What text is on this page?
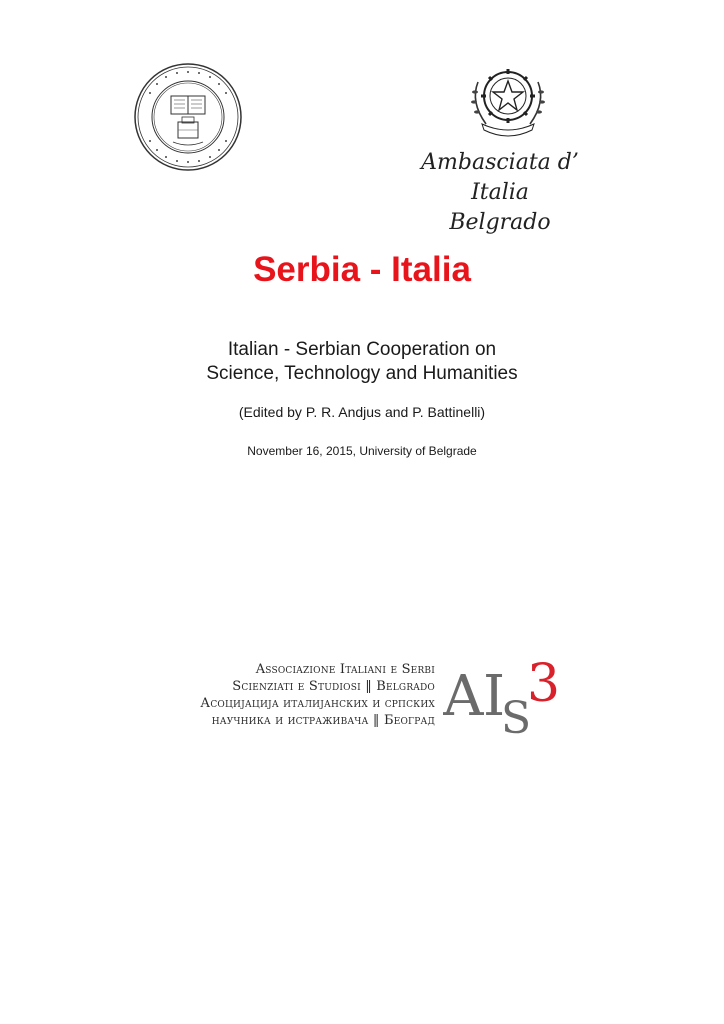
Ambasciata d’ Italia
Belgrado
Serbia - Italia
Italian - Serbian Cooperation on
Science, Technology and Humanities
(Edited by P. R. Andjus and P. Battinelli)
November 16, 2015, University of Belgrade
Associazione Italiani e Serbi
Scienziati e Studiosi ‖ Belgrado
Асоцијација италијанских и српских
научника и истраживача ‖ Београд A I
S
3
